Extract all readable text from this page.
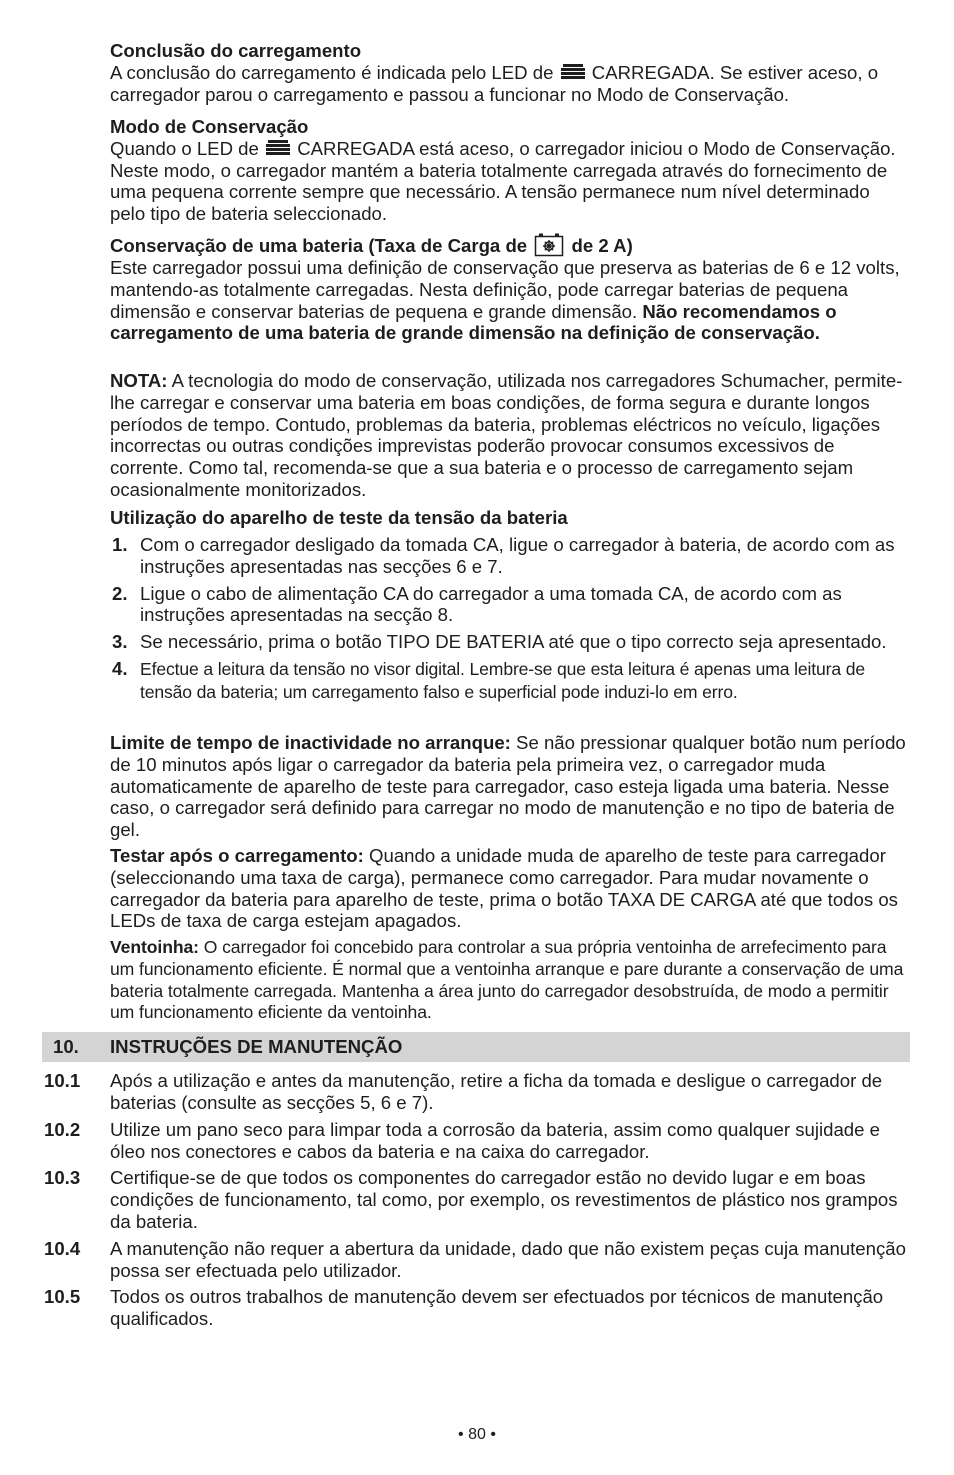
Conclusão do carregamento

A conclusão do carregamento é indicada pelo LED de  CARREGADA. Se estiver aceso, o carregador parou o carregamento e passou a funcionar no Modo de Conservação.

Modo de Conservação

Quando o LED de  CARREGADA está aceso, o carregador iniciou o Modo de Conservação. Neste modo, o carregador mantém a bateria totalmente carregada através do fornecimento de uma pequena corrente sempre que necessário. A tensão permanece num nível determinado pelo tipo de bateria seleccionado.

Conservação de uma bateria (Taxa de Carga de  de 2 A)

Este carregador possui uma definição de conservação que preserva as baterias de 6 e 12 volts, mantendo-as totalmente carregadas. Nesta definição, pode carregar baterias de pequena dimensão e conservar baterias de pequena e grande dimensão. Não recomendamos o carregamento de uma bateria de grande dimensão na definição de conservação.

NOTA: A tecnologia do modo de conservação, utilizada nos carregadores Schumacher, permite-lhe carregar e conservar uma bateria em boas condições, de forma segura e durante longos períodos de tempo. Contudo, problemas da bateria, problemas eléctricos no veículo, ligações incorrectas ou outras condições imprevistas poderão provocar consumos excessivos de corrente. Como tal, recomenda-se que a sua bateria e o processo de carregamento sejam ocasionalmente monitorizados.

Utilização do aparelho de teste da tensão da bateria

1. Com o carregador desligado da tomada CA, ligue o carregador à bateria, de acordo com as instruções apresentadas nas secções 6 e 7.
2. Ligue o cabo de alimentação CA do carregador a uma tomada CA, de acordo com as instruções apresentadas na secção 8.
3. Se necessário, prima o botão TIPO DE BATERIA até que o tipo correcto seja apresentado.
4. Efectue a leitura da tensão no visor digital. Lembre-se que esta leitura é apenas uma leitura de tensão da bateria; um carregamento falso e superficial pode induzi-lo em erro.

Limite de tempo de inactividade no arranque: Se não pressionar qualquer botão num período de 10 minutos após ligar o carregador da bateria pela primeira vez, o carregador muda automaticamente de aparelho de teste para carregador, caso esteja ligada uma bateria. Nesse caso, o carregador será definido para carregar no modo de manutenção e no tipo de bateria de gel.

Testar após o carregamento: Quando a unidade muda de aparelho de teste para carregador (seleccionando uma taxa de carga), permanece como carregador. Para mudar novamente o carregador da bateria para aparelho de teste, prima o botão TAXA DE CARGA até que todos os LEDs de taxa de carga estejam apagados.

Ventoinha: O carregador foi concebido para controlar a sua própria ventoinha de arrefecimento para um funcionamento eficiente. É normal que a ventoinha arranque e pare durante a conservação de uma bateria totalmente carregada. Mantenha a área junto do carregador desobstruída, de modo a permitir um funcionamento eficiente da ventoinha.

10. INSTRUÇÕES DE MANUTENÇÃO
10.1 Após a utilização e antes da manutenção, retire a ficha da tomada e desligue o carregador de baterias (consulte as secções 5, 6 e 7).
10.2 Utilize um pano seco para limpar toda a corrosão da bateria, assim como qualquer sujidade e óleo nos conectores e cabos da bateria e na caixa do carregador.
10.3 Certifique-se de que todos os componentes do carregador estão no devido lugar e em boas condições de funcionamento, tal como, por exemplo, os revestimentos de plástico nos grampos da bateria.
10.4 A manutenção não requer a abertura da unidade, dado que não existem peças cuja manutenção possa ser efectuada pelo utilizador.
10.5 Todos os outros trabalhos de manutenção devem ser efectuados por técnicos de manutenção qualificados.
• 80 •
